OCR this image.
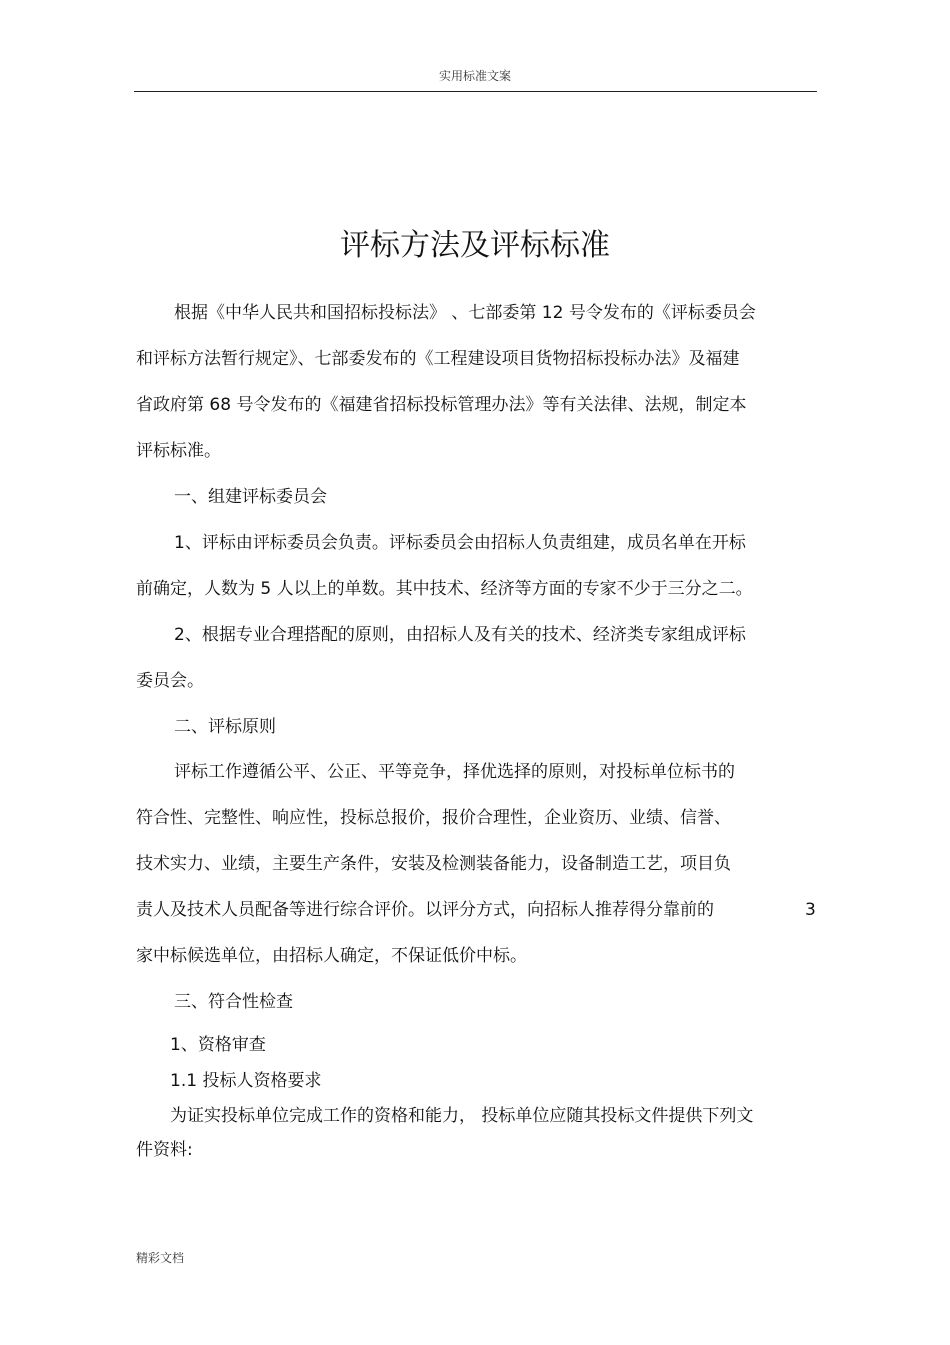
实用标准文案
评标方法及评标标准
根据《中华人民共和国招标投标法》 、七部委第 12 号令发布的《评标委员会
和评标方法暂行规定》、七部委发布的《工程建设项目货物招标投标办法》及福建
省政府第 68 号令发布的《福建省招标投标管理办法》等有关法律、法规，制定本
评标标准。
一、组建评标委员会
1、评标由评标委员会负责。评标委员会由招标人负责组建，成员名单在开标
前确定，人数为 5 人以上的单数。其中技术、经济等方面的专家不少于三分之二。
2、根据专业合理搭配的原则，由招标人及有关的技术、经济类专家组成评标
委员会。
二、评标原则
评标工作遵循公平、公正、平等竞争，择优选择的原则，对投标单位标书的
符合性、完整性、响应性，投标总报价，报价合理性，企业资历、业绩、信誉、
技术实力、业绩，主要生产条件，安装及检测装备能力，设备制造工艺，项目负
责人及技术人员配备等进行综合评价。以评分方式，向招标人推荐得分靠前的	3
家中标候选单位，由招标人确定，不保证低价中标。
三、符合性检查
1、资格审查
1.1 投标人资格要求
为证实投标单位完成工作的资格和能力， 投标单位应随其投标文件提供下列文
件资料:
精彩文档
